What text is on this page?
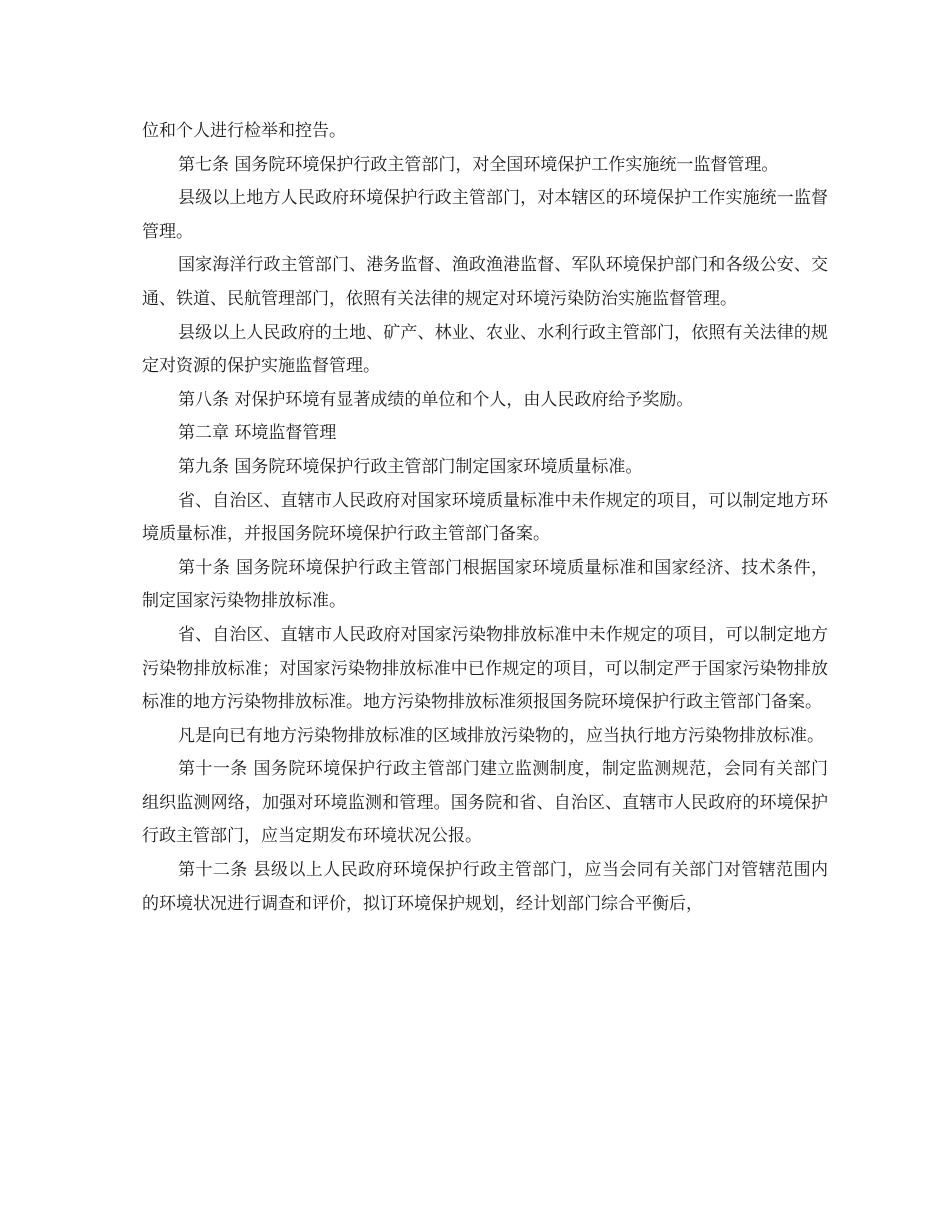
位和个人进行检举和控告。

第七条 国务院环境保护行政主管部门，对全国环境保护工作实施统一监督管理。

县级以上地方人民政府环境保护行政主管部门，对本辖区的环境保护工作实施统一监督管理。

国家海洋行政主管部门、港务监督、渔政渔港监督、军队环境保护部门和各级公安、交通、铁道、民航管理部门，依照有关法律的规定对环境污染防治实施监督管理。

县级以上人民政府的土地、矿产、林业、农业、水利行政主管部门，依照有关法律的规定对资源的保护实施监督管理。

第八条 对保护环境有显著成绩的单位和个人，由人民政府给予奖励。

第二章 环境监督管理

第九条 国务院环境保护行政主管部门制定国家环境质量标准。

省、自治区、直辖市人民政府对国家环境质量标准中未作规定的项目，可以制定地方环境质量标准，并报国务院环境保护行政主管部门备案。

第十条 国务院环境保护行政主管部门根据国家环境质量标准和国家经济、技术条件，制定国家污染物排放标准。

省、自治区、直辖市人民政府对国家污染物排放标准中未作规定的项目，可以制定地方污染物排放标准；对国家污染物排放标准中已作规定的项目，可以制定严于国家污染物排放标准的地方污染物排放标准。地方污染物排放标准须报国务院环境保护行政主管部门备案。

凡是向已有地方污染物排放标准的区域排放污染物的，应当执行地方污染物排放标准。

第十一条 国务院环境保护行政主管部门建立监测制度，制定监测规范，会同有关部门组织监测网络，加强对环境监测和管理。国务院和省、自治区、直辖市人民政府的环境保护行政主管部门，应当定期发布环境状况公报。

第十二条 县级以上人民政府环境保护行政主管部门，应当会同有关部门对管辖范围内的环境状况进行调查和评价，拟订环境保护规划，经计划部门综合平衡后，
